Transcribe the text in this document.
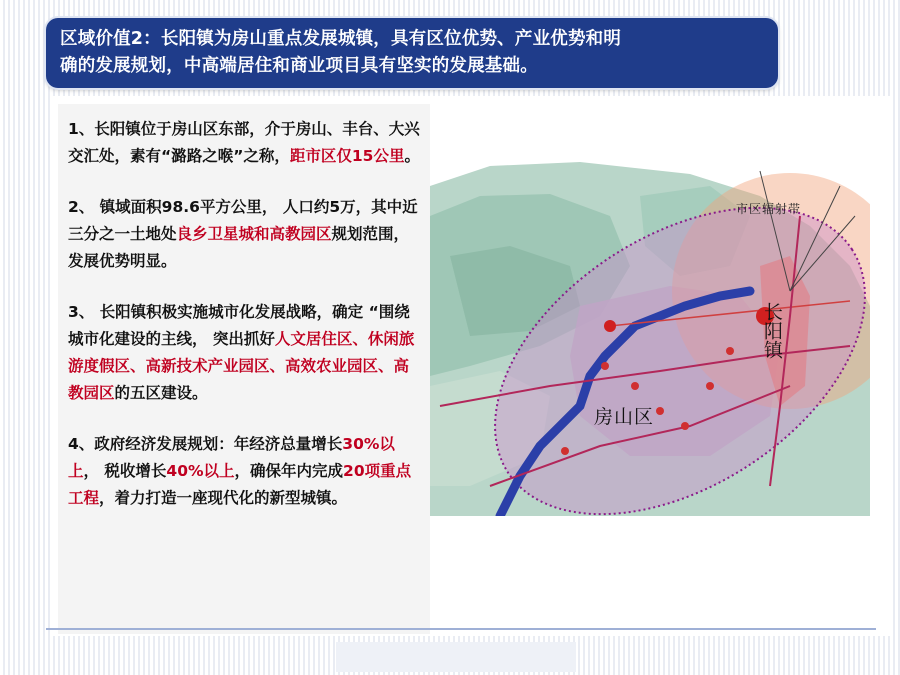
区域价值2：长阳镇为房山重点发展城镇，具有区位优势、产业优势和明
确的发展规划，中高端居住和商业项目具有坚实的发展基础。

1、长阳镇位于房山区东部，介于房山、丰台、大兴交汇处，素有“潞路之喉”之称，距市区仅15公里。

2、 镇域面积98.6平方公里， 人口约5万，其中近三分之一土地处良乡卫星城和高教园区规划范围，发展优势明显。

3、 长阳镇积极实施城市化发展战略，确定 “围绕城市化建设的主线， 突出抓好人文居住区、休闲旅游度假区、高新技术产业园区、高效农业园区、高教园区的五区建设。

4、政府经济发展规划：年经济总量增长30%以上， 税收增长40%以上，确保年内完成20项重点工程，着力打造一座现代化的新型城镇。

市区辐射带
房山区
长阳镇
